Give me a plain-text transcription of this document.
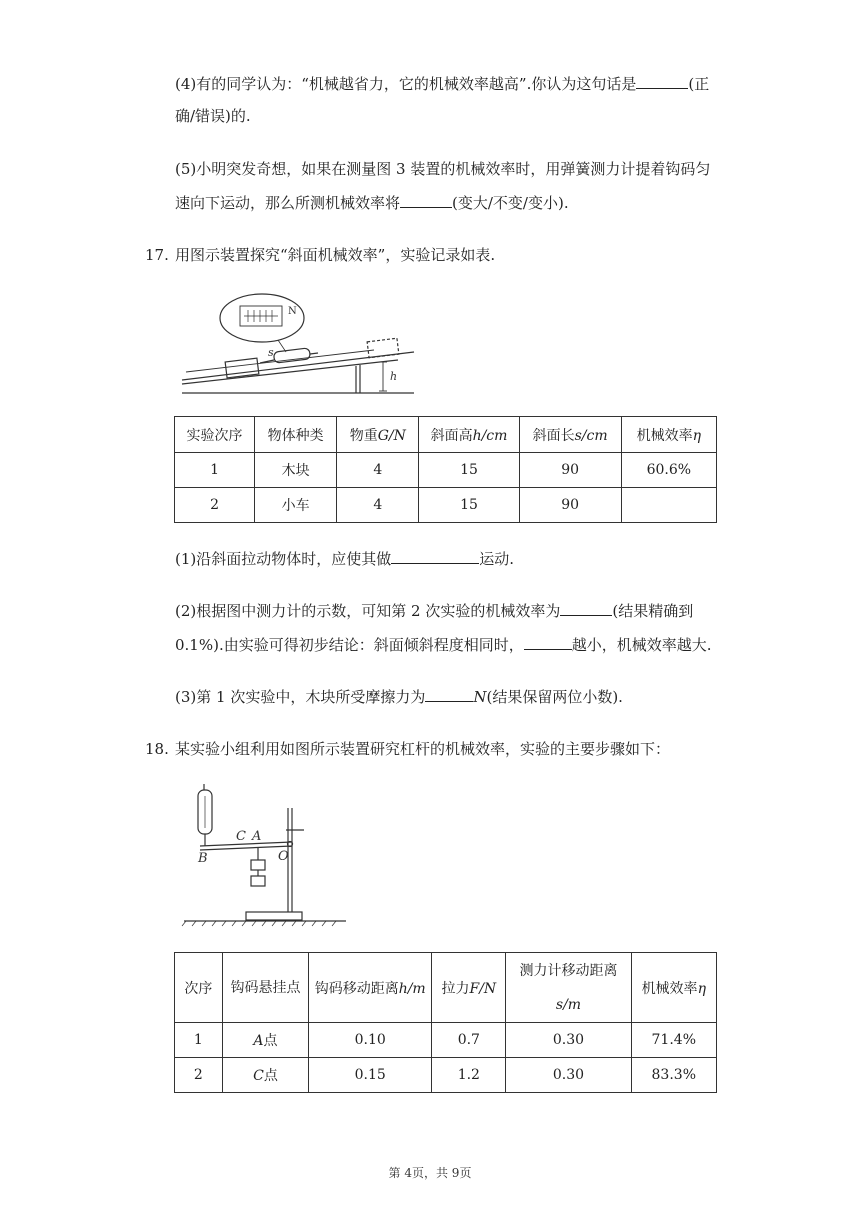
(4)有的同学认为：“机械越省力，它的机械效率越高”.你认为这句话是	(正
确/错误)的.
(5)小明突发奇想，如果在测量图 3 装置的机械效率时，用弹簧测力计提着钩码匀
速向下运动，那么所测机械效率将	(变大/不变/变小).
17. 用图示装置探究“斜面机械效率”，实验记录如表.
s
h
N
实验次序	物体种类	物重G/N	斜面高h/cm	斜面长s/cm	机械效率η
1	木块	4	15	90	60.6%
2	小车	4	15	90	
(1)沿斜面拉动物体时，应使其做	运动.
(2)根据图中测力计的示数，可知第 2 次实验的机械效率为	(结果精确到
0.1%).由实验可得初步结论：斜面倾斜程度相同时，	越小，机械效率越大.
(3)第 1 次实验中，木块所受摩擦力为	N(结果保留两位小数).
18. 某实验小组利用如图所示装置研究杠杆的机械效率，实验的主要步骤如下：
C A
B	O
次序	钩码悬挂点	钩码移动距离h/m	拉力F/N	测力计移动距离s/m	机械效率η
1	A点	0.10	0.7	0.30	71.4%
2	C点	0.15	1.2	0.30	83.3%
第 4页，共 9页
